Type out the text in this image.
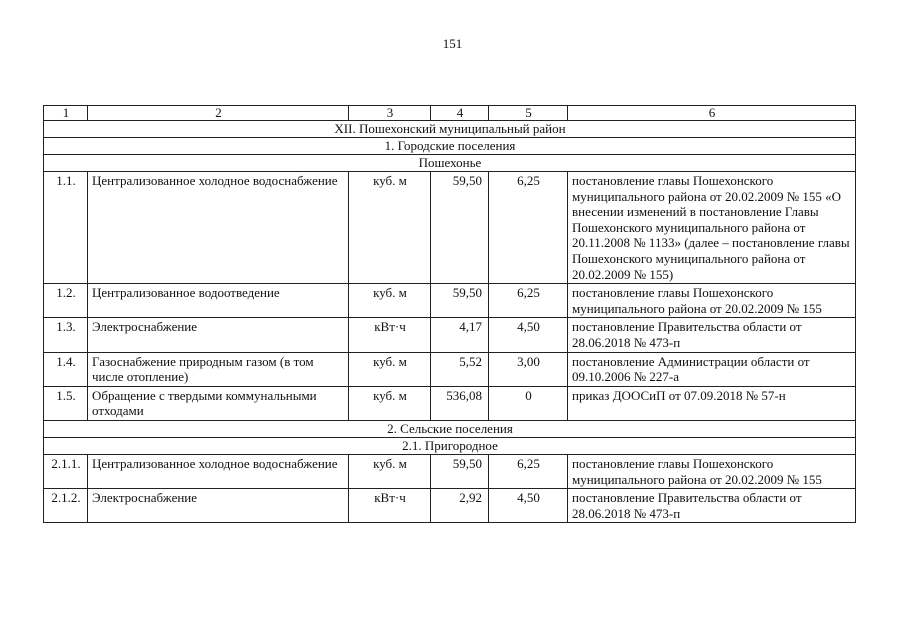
151
1	2	3	4	5	6
XII. Пошехонский муниципальный район					
1. Городские поселения					
Пошехонье					
1.1.	Централизованное холодное водоснабжение	куб. м	59,50	6,25	постановление главы Пошехонского муниципального района от 20.02.2009 № 155 «О внесении изменений в постановление Главы Пошехонского муниципального района от 20.11.2008 № 1133» (далее – постановление главы Пошехонского муниципального района от 20.02.2009 № 155)
1.2.	Централизованное водоотведение	куб. м	59,50	6,25	постановление главы Пошехонского муниципального района от 20.02.2009 № 155
1.3.	Электроснабжение	кВт·ч	4,17	4,50	постановление Правительства области от 28.06.2018 № 473-п
1.4.	Газоснабжение природным газом (в том числе отопление)	куб. м	5,52	3,00	постановление Администрации области от 09.10.2006 № 227-а
1.5.	Обращение с твердыми коммунальными отходами	куб. м	536,08	0	приказ ДООСиП от 07.09.2018 № 57-н
2. Сельские поселения					
2.1. Пригородное					
2.1.1.	Централизованное холодное водоснабжение	куб. м	59,50	6,25	постановление главы Пошехонского муниципального района от 20.02.2009 № 155
2.1.2.	Электроснабжение	кВт·ч	2,92	4,50	постановление Правительства области от 28.06.2018 № 473-п
